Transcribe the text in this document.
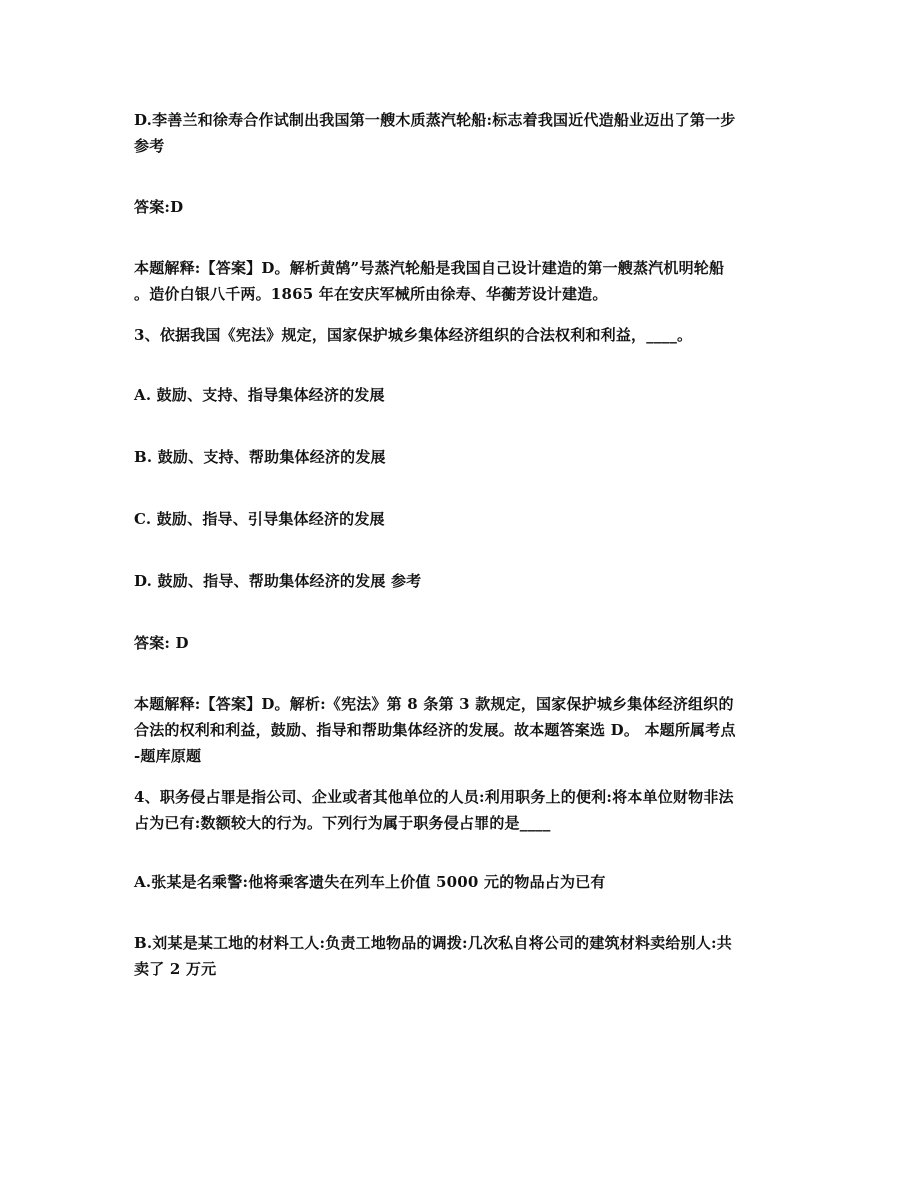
D.李善兰和徐寿合作试制出我国第一艘木质蒸汽轮船:标志着我国近代造船业迈出了第一步
参考
答案:D
本题解释:【答案】D。解析黄鹄”号蒸汽轮船是我国自己设计建造的第一艘蒸汽机明轮船
。造价白银八千两。1865 年在安庆军械所由徐寿、华蘅芳设计建造。
3、依据我国《宪法》规定，国家保护城乡集体经济组织的合法权利和利益，____。
A. 鼓励、支持、指导集体经济的发展
B. 鼓励、支持、帮助集体经济的发展
C. 鼓励、指导、引导集体经济的发展
D. 鼓励、指导、帮助集体经济的发展 参考
答案: D
本题解释:【答案】D。解析:《宪法》第 8 条第 3 款规定，国家保护城乡集体经济组织的
合法的权利和利益，鼓励、指导和帮助集体经济的发展。故本题答案选 D。 本题所属考点
-题库原题
4、职务侵占罪是指公司、企业或者其他单位的人员:利用职务上的便利:将本单位财物非法
占为已有:数额较大的行为。下列行为属于职务侵占罪的是____
A.张某是名乘警:他将乘客遗失在列车上价值 5000 元的物品占为已有
B.刘某是某工地的材料工人:负责工地物品的调拨:几次私自将公司的建筑材料卖给别人:共
卖了 2 万元
